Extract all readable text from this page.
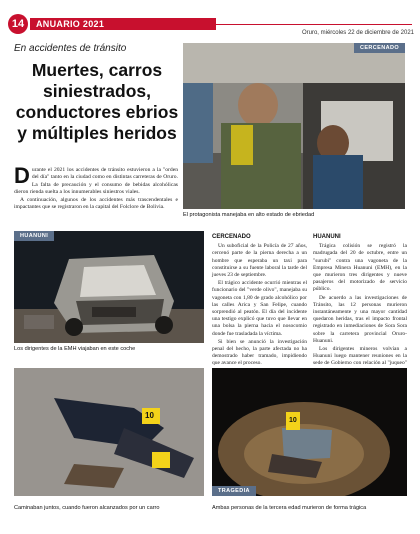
14	ANUARIO 2021
Oruro, miércoles 22 de diciembre de 2021
En accidentes de tránsito
Muertes, carros siniestrados, conductores ebrios y múltiples heridos

Durante el 2021 los accidentes de tránsito estuvieron a la "orden del día" tanto en la ciudad como en distintas carreteras de Oruro. La falta de precaución y el consumo de bebidas alcohólicas dieron rienda suelta a los innumerables siniestros viales.

A continuación, algunos de los accidentes más trascendentales e impactantes que se registraron en la capital del Folclore de Bolivia.

CERCENADO
El protagonista manejaba en alto estado de ebriedad
HUANUNI
Los dirigentes de la EMH viajaban en este coche
CERCENADO

Un suboficial de la Policía de 27 años, cercenó parte de la pierna derecha a un hombre que esperaba un taxi para constituirse a su fuente laboral la tarde del jueves 23 de septiembre.

El trágico accidente ocurrió mientras el funcionario del "verde olivo", manejaba su vagoneta con 1,80 de grado alcohólico por las calles Arica y San Felipe, cuando sorprendió al peatón. El día del incidente una testigo explicó que tuvo que llevar en una bolsa la pierna hacia el nosocomio donde fue trasladada la víctima.

Si bien se anunció la investigación penal del hecho, la parte afectada no ha demostrado haber tramado, impidiendo que avance el proceso.

HUANUNI

Trágica colisión se registró la madrugada del 20 de octubre, entre un "surubi" contra una vagoneta de la Empresa Minera Huanuni (EMH), en la que murieron tres dirigentes y nueve pasajeros del motorizado de servicio público.

De acuerdo a las investigaciones de Tránsito, las 12 personas murieron instantáneamente y una mayor cantidad quedaron heridas, tras el impacto frontal registrado en inmediaciones de Sora Sora sobre la carretera provincial Oruro-Huanuni.

Los dirigentes mineros volvían a Huanuni luego mantener reuniones en la sede de Gobierno con relación al "juqueo"

10
Caminaban juntos, cuando fueron alcanzados por un carro
10
TRAGEDIA
Ambas personas de la tercera edad murieron de forma trágica
